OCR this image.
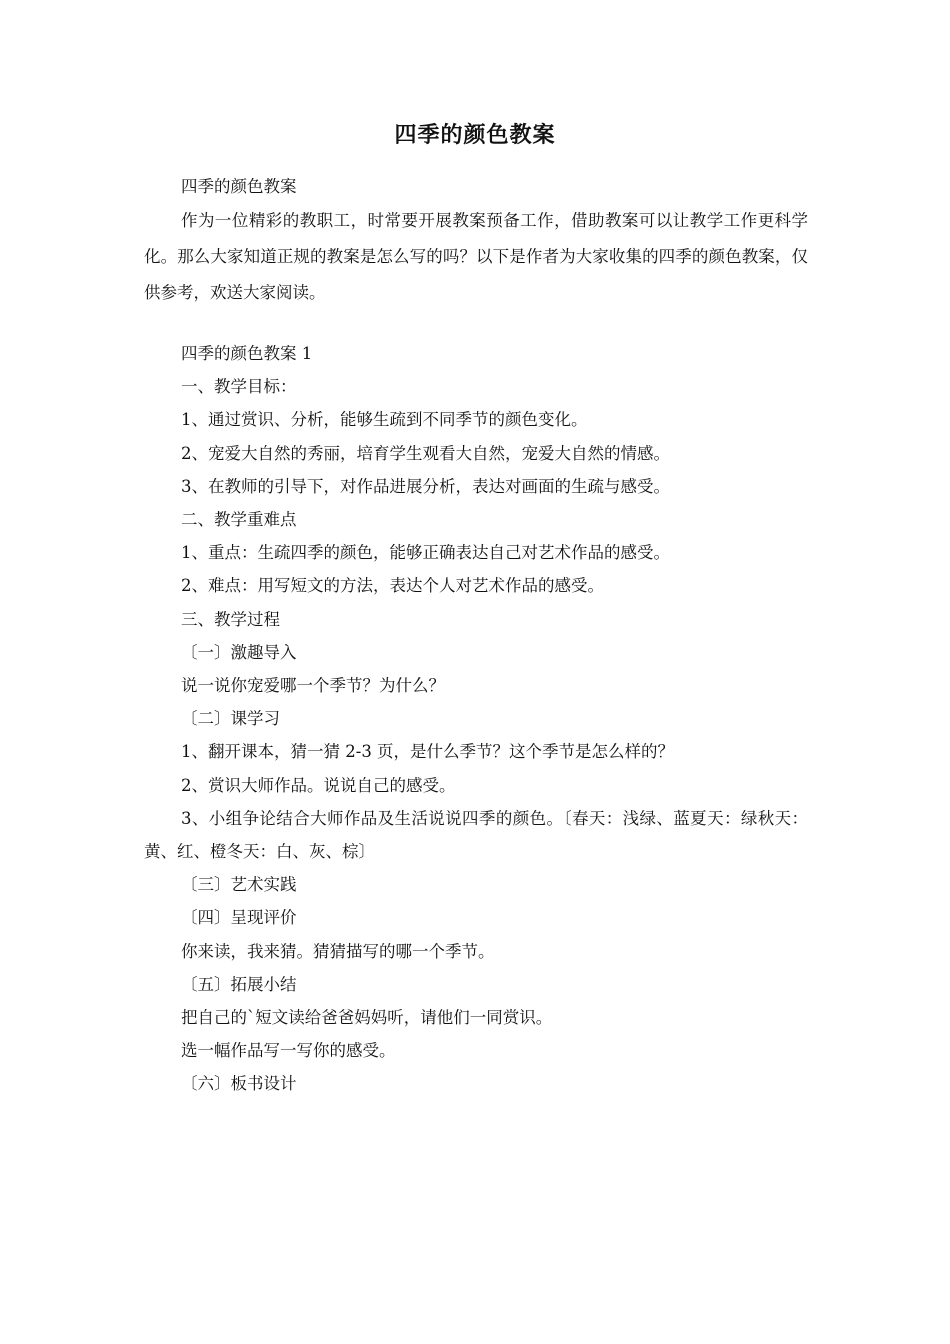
四季的颜色教案

四季的颜色教案

作为一位精彩的教职工，时常要开展教案预备工作，借助教案可以让教学工作更科学化。那么大家知道正规的教案是怎么写的吗？以下是作者为大家收集的四季的颜色教案，仅供参考，欢送大家阅读。

四季的颜色教案 1

一、教学目标：

1、通过赏识、分析，能够生疏到不同季节的颜色变化。

2、宠爱大自然的秀丽，培育学生观看大自然，宠爱大自然的情感。

3、在教师的引导下，对作品进展分析，表达对画面的生疏与感受。

二、教学重难点

1、重点：生疏四季的颜色，能够正确表达自己对艺术作品的感受。

2、难点：用写短文的方法，表达个人对艺术作品的感受。

三、教学过程

〔一〕激趣导入

说一说你宠爱哪一个季节？为什么？

〔二〕课学习

1、翻开课本，猜一猜 2-3 页，是什么季节？这个季节是怎么样的？

2、赏识大师作品。说说自己的感受。

3、小组争论结合大师作品及生活说说四季的颜色。〔春天：浅绿、蓝夏天：绿秋天：黄、红、橙冬天：白、灰、棕〕

〔三〕艺术实践

〔四〕呈现评价

你来读，我来猜。猜猜描写的哪一个季节。

〔五〕拓展小结

把自己的`短文读给爸爸妈妈听，请他们一同赏识。

选一幅作品写一写你的感受。

〔六〕板书设计
